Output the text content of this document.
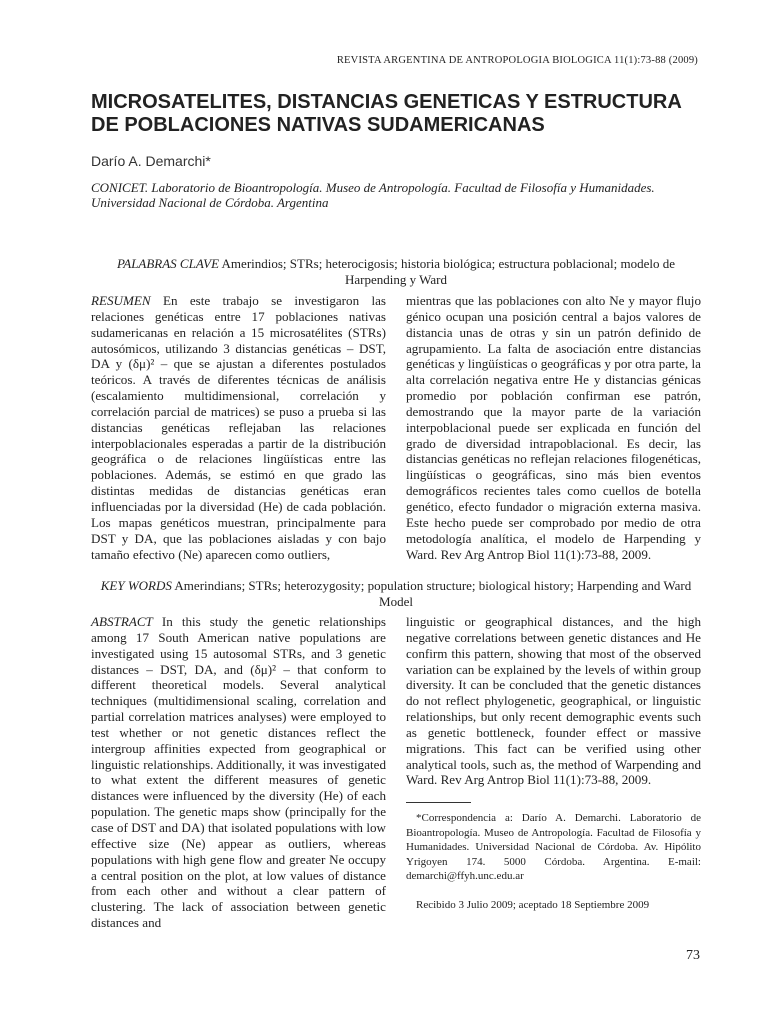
REVISTA ARGENTINA DE ANTROPOLOGIA BIOLOGICA 11(1):73-88 (2009)
MICROSATELITES, DISTANCIAS GENETICAS Y ESTRUCTURA DE POBLACIONES NATIVAS SUDAMERICANAS
Darío A. Demarchi*
CONICET. Laboratorio de Bioantropología. Museo de Antropología. Facultad de Filosofía y Humanidades. Universidad Nacional de Córdoba. Argentina
PALABRAS CLAVE Amerindios; STRs; heterocigosis; historia biológica; estructura poblacional; modelo de Harpending y Ward
RESUMEN En este trabajo se investigaron las relaciones genéticas entre 17 poblaciones nativas sudamericanas en relación a 15 microsatélites (STRs) autosómicos, utilizando 3 distancias genéticas – DST, DA y (δμ)² – que se ajustan a diferentes postulados teóricos. A través de diferentes técnicas de análisis (escalamiento multidimensional, correlación y correlación parcial de matrices) se puso a prueba si las distancias genéticas reflejaban las relaciones interpoblacionales esperadas a partir de la distribución geográfica o de relaciones lingüísticas entre las poblaciones. Además, se estimó en que grado las distintas medidas de distancias genéticas eran influenciadas por la diversidad (He) de cada población. Los mapas genéticos muestran, principalmente para DST y DA, que las poblaciones aisladas y con bajo tamaño efectivo (Ne) aparecen como outliers,
mientras que las poblaciones con alto Ne y mayor flujo génico ocupan una posición central a bajos valores de distancia unas de otras y sin un patrón definido de agrupamiento. La falta de asociación entre distancias genéticas y lingüísticas o geográficas y por otra parte, la alta correlación negativa entre He y distancias génicas promedio por población confirman ese patrón, demostrando que la mayor parte de la variación interpoblacional puede ser explicada en función del grado de diversidad intrapoblacional. Es decir, las distancias genéticas no reflejan relaciones filogenéticas, lingüísticas o geográficas, sino más bien eventos demográficos recientes tales como cuellos de botella genético, efecto fundador o migración externa masiva. Este hecho puede ser comprobado por medio de otra metodología analítica, el modelo de Harpending y Ward. Rev Arg Antrop Biol 11(1):73-88, 2009.
KEY WORDS Amerindians; STRs; heterozygosity; population structure; biological history; Harpending and Ward Model
ABSTRACT In this study the genetic relationships among 17 South American native populations are investigated using 15 autosomal STRs, and 3 genetic distances – DST, DA, and (δμ)² – that conform to different theoretical models. Several analytical techniques (multidimensional scaling, correlation and partial correlation matrices analyses) were employed to test whether or not genetic distances reflect the intergroup affinities expected from geographical or linguistic relationships. Additionally, it was investigated to what extent the different measures of genetic distances were influenced by the diversity (He) of each population. The genetic maps show (principally for the case of DST and DA) that isolated populations with low effective size (Ne) appear as outliers, whereas populations with high gene flow and greater Ne occupy a central position on the plot, at low values of distance from each other and without a clear pattern of clustering. The lack of association between genetic distances and
linguistic or geographical distances, and the high negative correlations between genetic distances and He confirm this pattern, showing that most of the observed variation can be explained by the levels of within group diversity. It can be concluded that the genetic distances do not reflect phylogenetic, geographical, or linguistic relationships, but only recent demographic events such as genetic bottleneck, founder effect or massive migrations. This fact can be verified using other analytical tools, such as, the method of Warpending and Ward. Rev Arg Antrop Biol 11(1):73-88, 2009.
*Correspondencia a: Darío A. Demarchi. Laboratorio de Bioantropología. Museo de Antropología. Facultad de Filosofía y Humanidades. Universidad Nacional de Córdoba. Av. Hipólito Yrigoyen 174. 5000 Córdoba. Argentina. E-mail: demarchi@ffyh.unc.edu.ar
Recibido 3 Julio 2009; aceptado 18 Septiembre 2009
73
